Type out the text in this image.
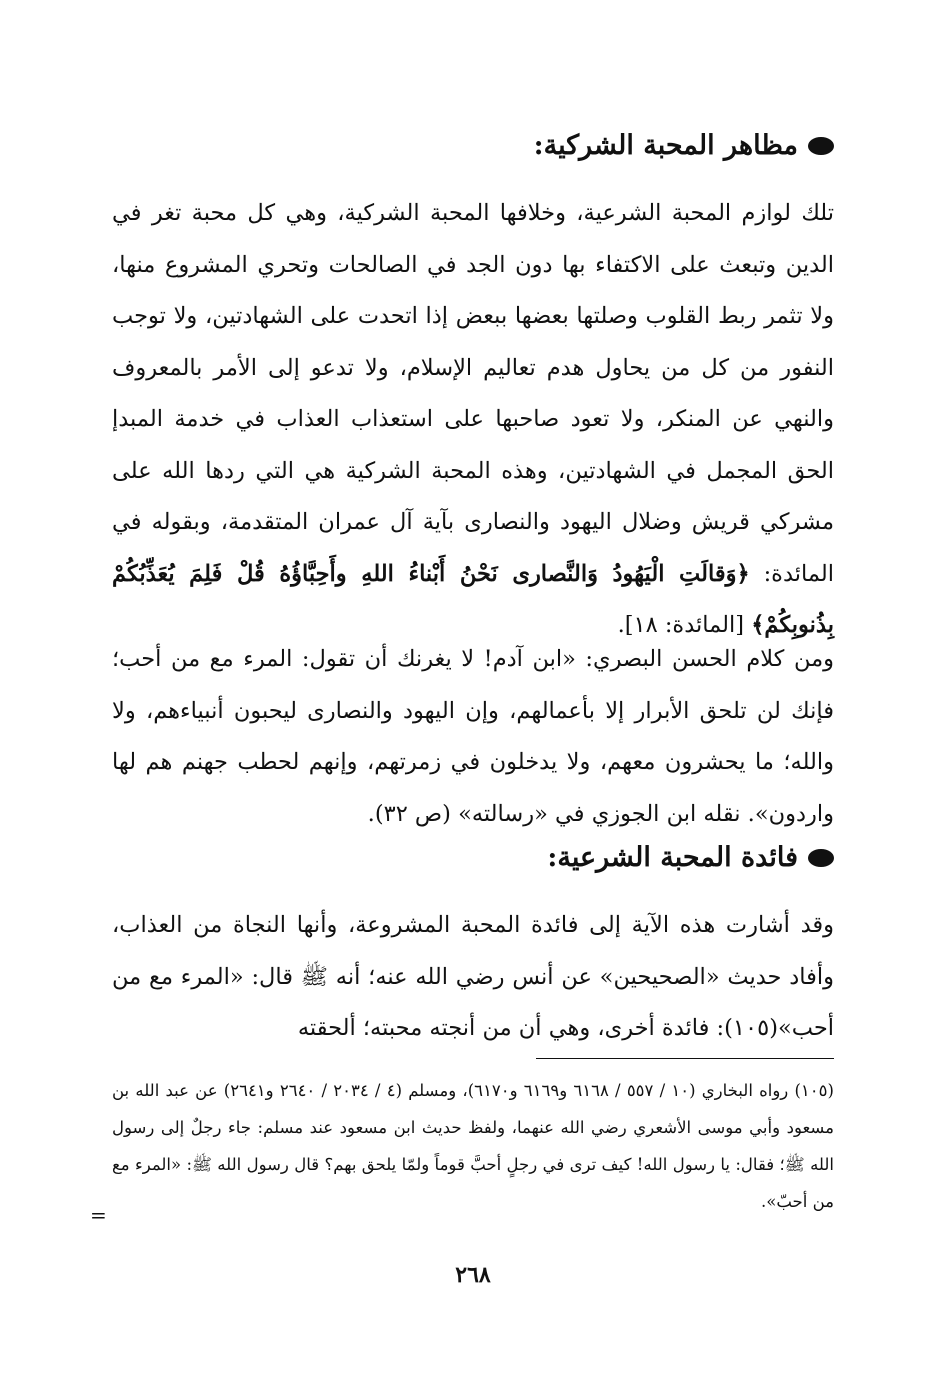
مظاهر المحبة الشركية:

تلك لوازم المحبة الشرعية، وخلافها المحبة الشركية، وهي كل محبة تغر في الدين وتبعث على الاكتفاء بها دون الجد في الصالحات وتحري المشروع منها، ولا تثمر ربط القلوب وصلتها بعضها ببعض إذا اتحدت على الشهادتين، ولا توجب النفور من كل من يحاول هدم تعاليم الإسلام، ولا تدعو إلى الأمر بالمعروف والنهي عن المنكر، ولا تعود صاحبها على استعذاب العذاب في خدمة المبدإ الحق المجمل في الشهادتين، وهذه المحبة الشركية هي التي ردها الله على مشركي قريش وضلال اليهود والنصارى بآية آل عمران المتقدمة، وبقوله في المائدة: ﴿وَقالَتِ الْيَهُودُ وَالنَّصارى نَحْنُ أَبْناءُ اللهِ وأَحِبَّاؤُهُ قُلْ فَلِمَ يُعَذِّبُكُمْ بِذُنوبِكُمْ﴾ [المائدة: ١٨].

ومن كلام الحسن البصري: «ابن آدم! لا يغرنك أن تقول: المرء مع من أحب؛ فإنك لن تلحق الأبرار إلا بأعمالهم، وإن اليهود والنصارى ليحبون أنبياءهم، ولا والله؛ ما يحشرون معهم، ولا يدخلون في زمرتهم، وإنهم لحطب جهنم هم لها واردون». نقله ابن الجوزي في «رسالته» (ص ٣٢).

فائدة المحبة الشرعية:

وقد أشارت هذه الآية إلى فائدة المحبة المشروعة، وأنها النجاة من العذاب، وأفاد حديث «الصحيحين» عن أنس رضي الله عنه؛ أنه ﷺ قال: «المرء مع من أحب»(١٠٥): فائدة أخرى، وهي أن من أنجته محبته؛ ألحقته

(١٠٥) رواه البخاري (١٠ / ٥٥٧ / ٦١٦٨ و٦١٦٩ و٦١٧٠)، ومسلم (٤ / ٢٠٣٤ / ٢٦٤٠ و٢٦٤١) عن عبد الله بن مسعود وأبي موسى الأشعري رضي الله عنهما، ولفظ حديث ابن مسعود عند مسلم: جاء رجلٌ إلى رسول الله ﷺ؛ فقال: يا رسول الله! كيف ترى في رجلٍ أحبَّ قوماً ولمّا يلحق بهم؟ قال رسول الله ﷺ: «المرء مع من أحبّ».

=
٢٦٨
